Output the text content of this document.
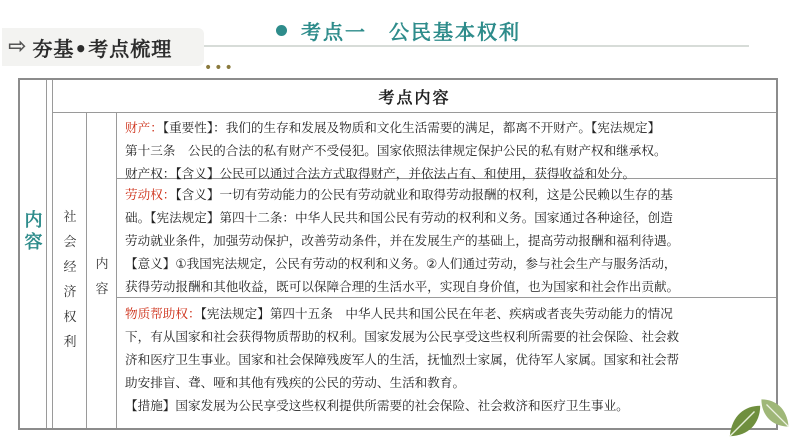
⇨ 夯基•考点梳理
•••
考点一　公民基本权利
考点内容
内
容
社
会
经
济
权
利
内
容
财产：【重要性】：我们的生存和发展及物质和文化生活需要的满足，都离不开财产。【宪法规定】
第十三条　公民的合法的私有财产不受侵犯。国家依照法律规定保护公民的私有财产权和继承权。
财产权：【含义】公民可以通过合法方式取得财产，并依法占有、和使用，获得收益和处分。
劳动权：【含义】一切有劳动能力的公民有劳动就业和取得劳动报酬的权利，这是公民赖以生存的基
础。【宪法规定】第四十二条：中华人民共和国公民有劳动的权利和义务。国家通过各种途径，创造
劳动就业条件，加强劳动保护，改善劳动条件，并在发展生产的基础上，提高劳动报酬和福利待遇。
【意义】①我国宪法规定，公民有劳动的权利和义务。②人们通过劳动，参与社会生产与服务活动，
获得劳动报酬和其他收益，既可以保障合理的生活水平，实现自身价值，也为国家和社会作出贡献。
物质帮助权：【宪法规定】第四十五条　中华人民共和国公民在年老、疾病或者丧失劳动能力的情况
下，有从国家和社会获得物质帮助的权利。国家发展为公民享受这些权利所需要的社会保险、社会救
济和医疗卫生事业。国家和社会保障残废军人的生活，抚恤烈士家属，优待军人家属。国家和社会帮
助安排盲、聋、哑和其他有残疾的公民的劳动、生活和教育。
【措施】国家发展为公民享受这些权利提供所需要的社会保险、社会救济和医疗卫生事业。
